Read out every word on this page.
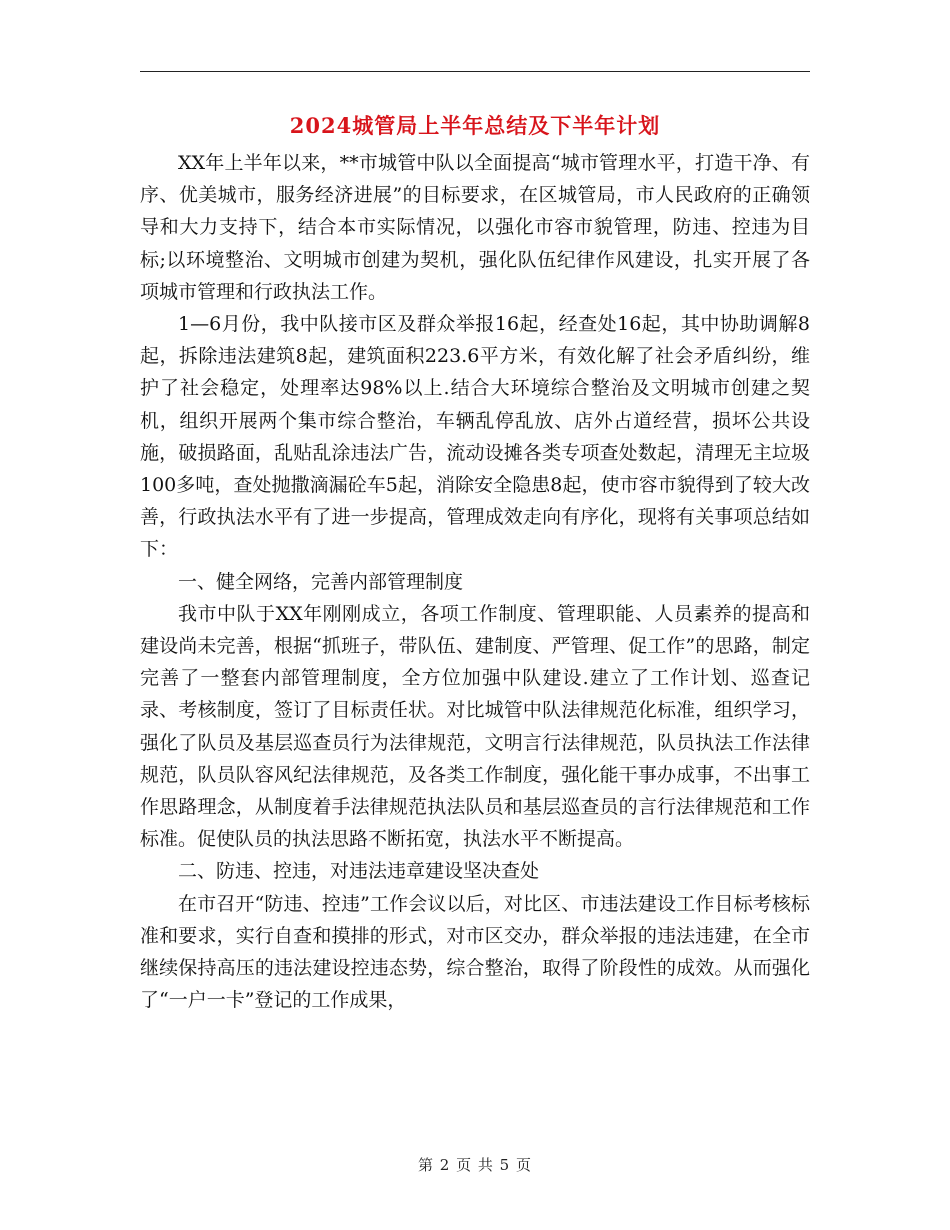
2024城管局上半年总结及下半年计划

XX年上半年以来，**市城管中队以全面提高“城市管理水平，打造干净、有序、优美城市，服务经济进展”的目标要求，在区城管局，市人民政府的正确领导和大力支持下，结合本市实际情况，以强化市容市貌管理，防违、控违为目标;以环境整治、文明城市创建为契机，强化队伍纪律作风建设，扎实开展了各项城市管理和行政执法工作。

1—6月份，我中队接市区及群众举报16起，经查处16起，其中协助调解8起，拆除违法建筑8起，建筑面积223.6平方米，有效化解了社会矛盾纠纷，维护了社会稳定，处理率达98%以上.结合大环境综合整治及文明城市创建之契机，组织开展两个集市综合整治，车辆乱停乱放、店外占道经营，损坏公共设施，破损路面，乱贴乱涂违法广告，流动设摊各类专项查处数起，清理无主垃圾100多吨，查处抛撒滴漏砼车5起，消除安全隐患8起，使市容市貌得到了较大改善，行政执法水平有了进一步提高，管理成效走向有序化，现将有关事项总结如下：

一、健全网络，完善内部管理制度

我市中队于XX年刚刚成立，各项工作制度、管理职能、人员素养的提高和建设尚未完善，根据“抓班子，带队伍、建制度、严管理、促工作”的思路，制定完善了一整套内部管理制度，全方位加强中队建设.建立了工作计划、巡查记录、考核制度，签订了目标责任状。对比城管中队法律规范化标准，组织学习，强化了队员及基层巡查员行为法律规范，文明言行法律规范，队员执法工作法律规范，队员队容风纪法律规范，及各类工作制度，强化能干事办成事，不出事工作思路理念，从制度着手法律规范执法队员和基层巡查员的言行法律规范和工作标准。促使队员的执法思路不断拓宽，执法水平不断提高。

二、防违、控违，对违法违章建设坚决查处

在市召开“防违、控违”工作会议以后，对比区、市违法建设工作目标考核标准和要求，实行自查和摸排的形式，对市区交办，群众举报的违法违建，在全市继续保持高压的违法建设控违态势，综合整治，取得了阶段性的成效。从而强化了“一户一卡”登记的工作成果，

第 2 页 共 5 页
